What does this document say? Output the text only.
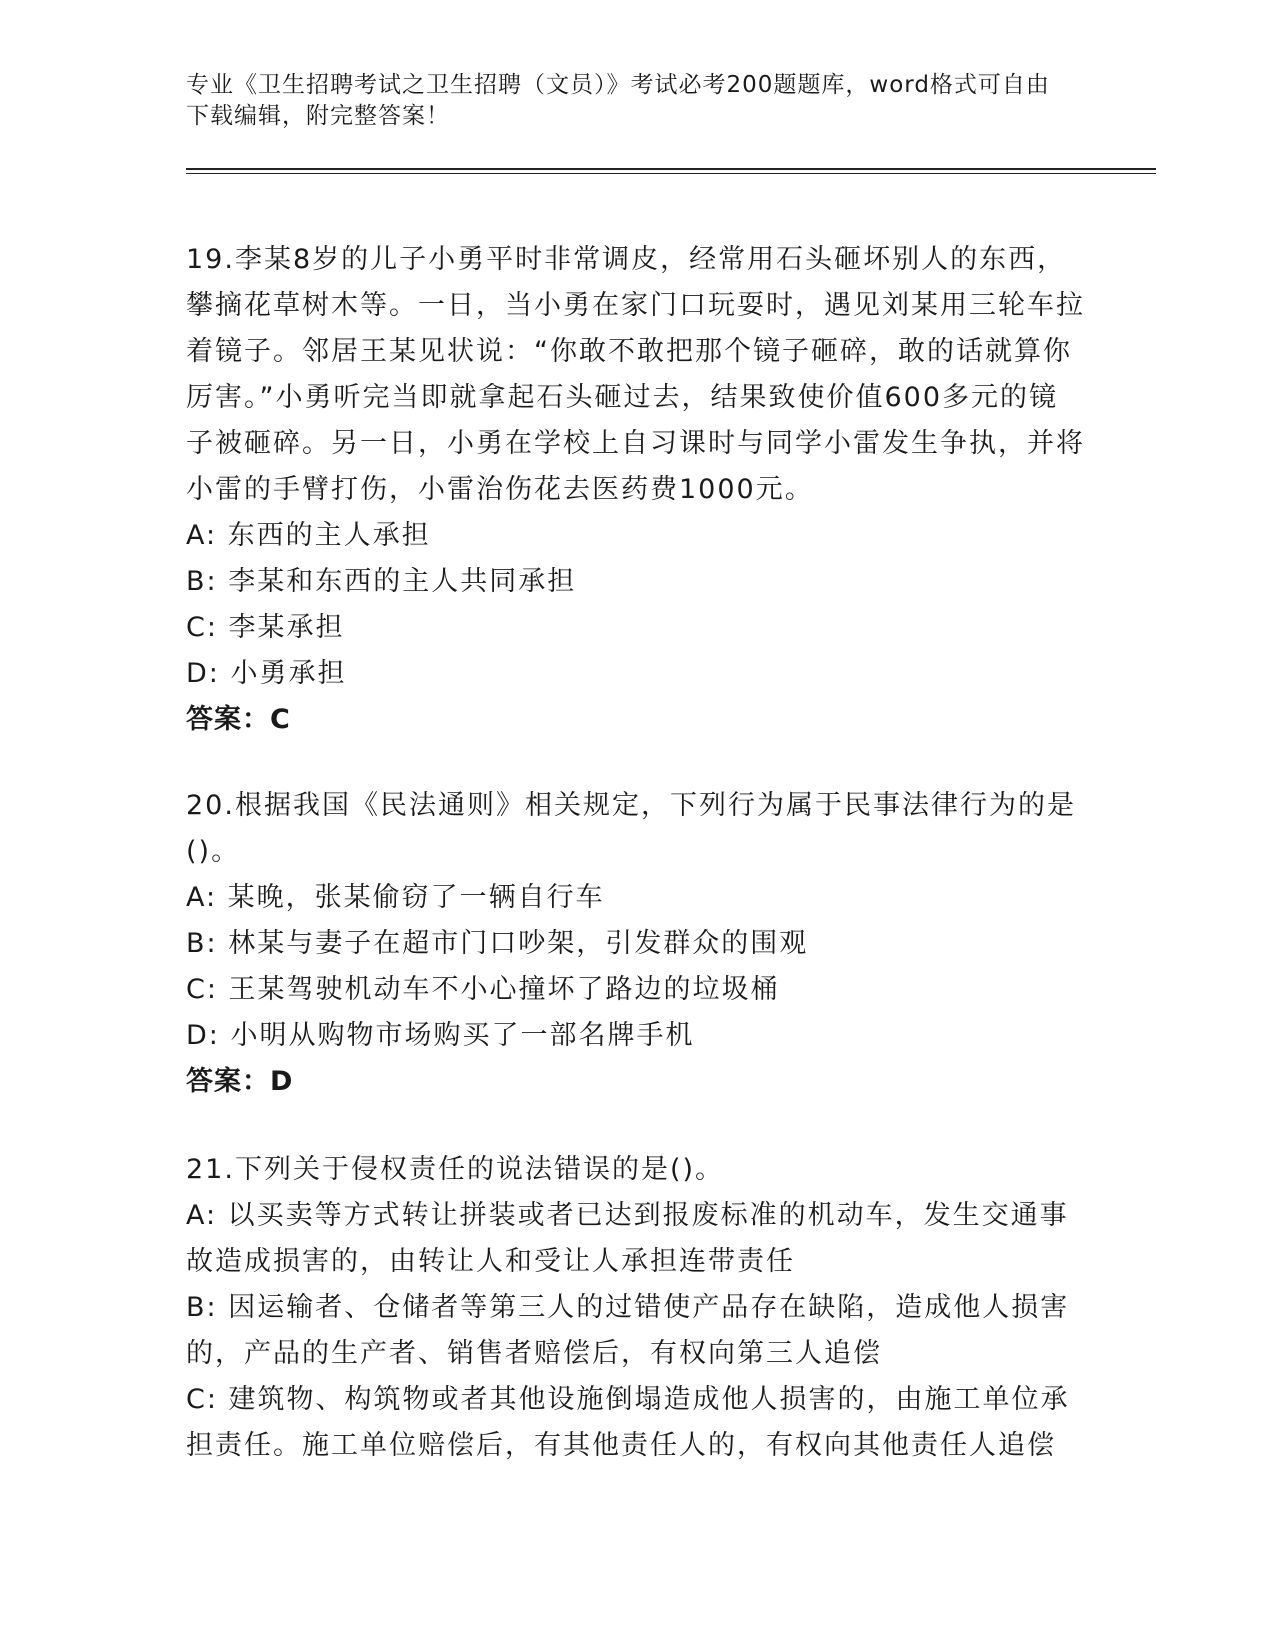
专业《卫生招聘考试之卫生招聘（文员）》考试必考200题题库，word格式可自由下载编辑，附完整答案！

19.李某8岁的儿子小勇平时非常调皮，经常用石头砸坏别人的东西，攀摘花草树木等。一日，当小勇在家门口玩耍时，遇见刘某用三轮车拉着镜子。邻居王某见状说：“你敢不敢把那个镜子砸碎，敢的话就算你厉害。”小勇听完当即就拿起石头砸过去，结果致使价值600多元的镜子被砸碎。另一日，小勇在学校上自习课时与同学小雷发生争执，并将小雷的手臂打伤，小雷治伤花去医药费1000元。

A: 东西的主人承担

B: 李某和东西的主人共同承担

C: 李某承担

D: 小勇承担

答案：C

20.根据我国《民法通则》相关规定，下列行为属于民事法律行为的是()。

A: 某晚，张某偷窃了一辆自行车

B: 林某与妻子在超市门口吵架，引发群众的围观

C: 王某驾驶机动车不小心撞坏了路边的垃圾桶

D: 小明从购物市场购买了一部名牌手机

答案：D

21.下列关于侵权责任的说法错误的是()。

A: 以买卖等方式转让拼装或者已达到报废标准的机动车，发生交通事故造成损害的，由转让人和受让人承担连带责任

B: 因运输者、仓储者等第三人的过错使产品存在缺陷，造成他人损害的，产品的生产者、销售者赔偿后，有权向第三人追偿

C: 建筑物、构筑物或者其他设施倒塌造成他人损害的，由施工单位承担责任。施工单位赔偿后，有其他责任人的，有权向其他责任人追偿
